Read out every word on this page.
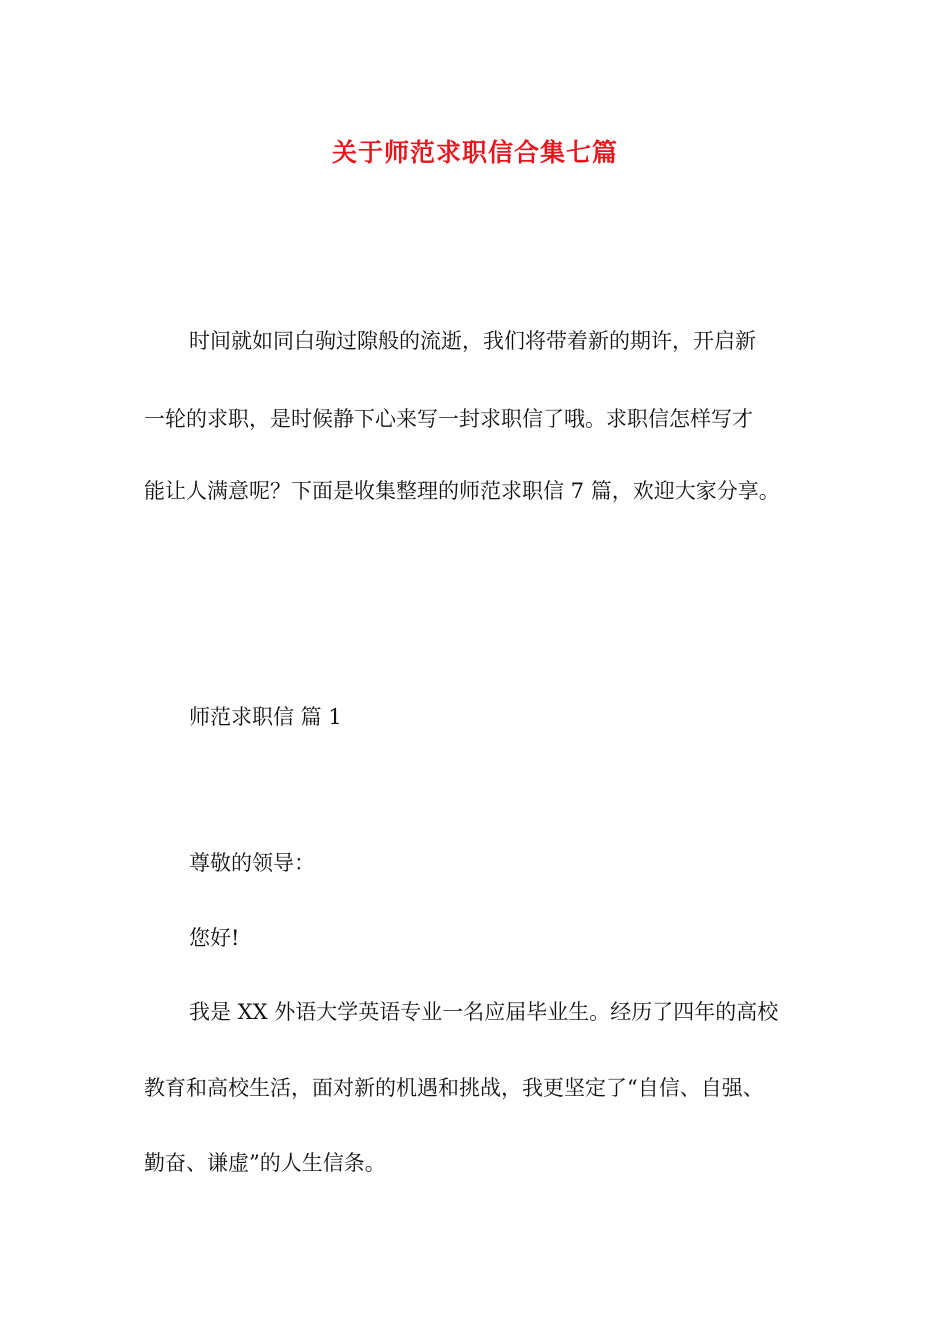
关于师范求职信合集七篇
时间就如同白驹过隙般的流逝，我们将带着新的期许，开启新
一轮的求职，是时候静下心来写一封求职信了哦。求职信怎样写才
能让人满意呢？下面是收集整理的师范求职信 7 篇，欢迎大家分享。
师范求职信 篇 1
尊敬的领导：
您好!
我是 XX 外语大学英语专业一名应届毕业生。经历了四年的高校
教育和高校生活，面对新的机遇和挑战，我更坚定了“自信、自强、
勤奋、谦虚”的人生信条。
